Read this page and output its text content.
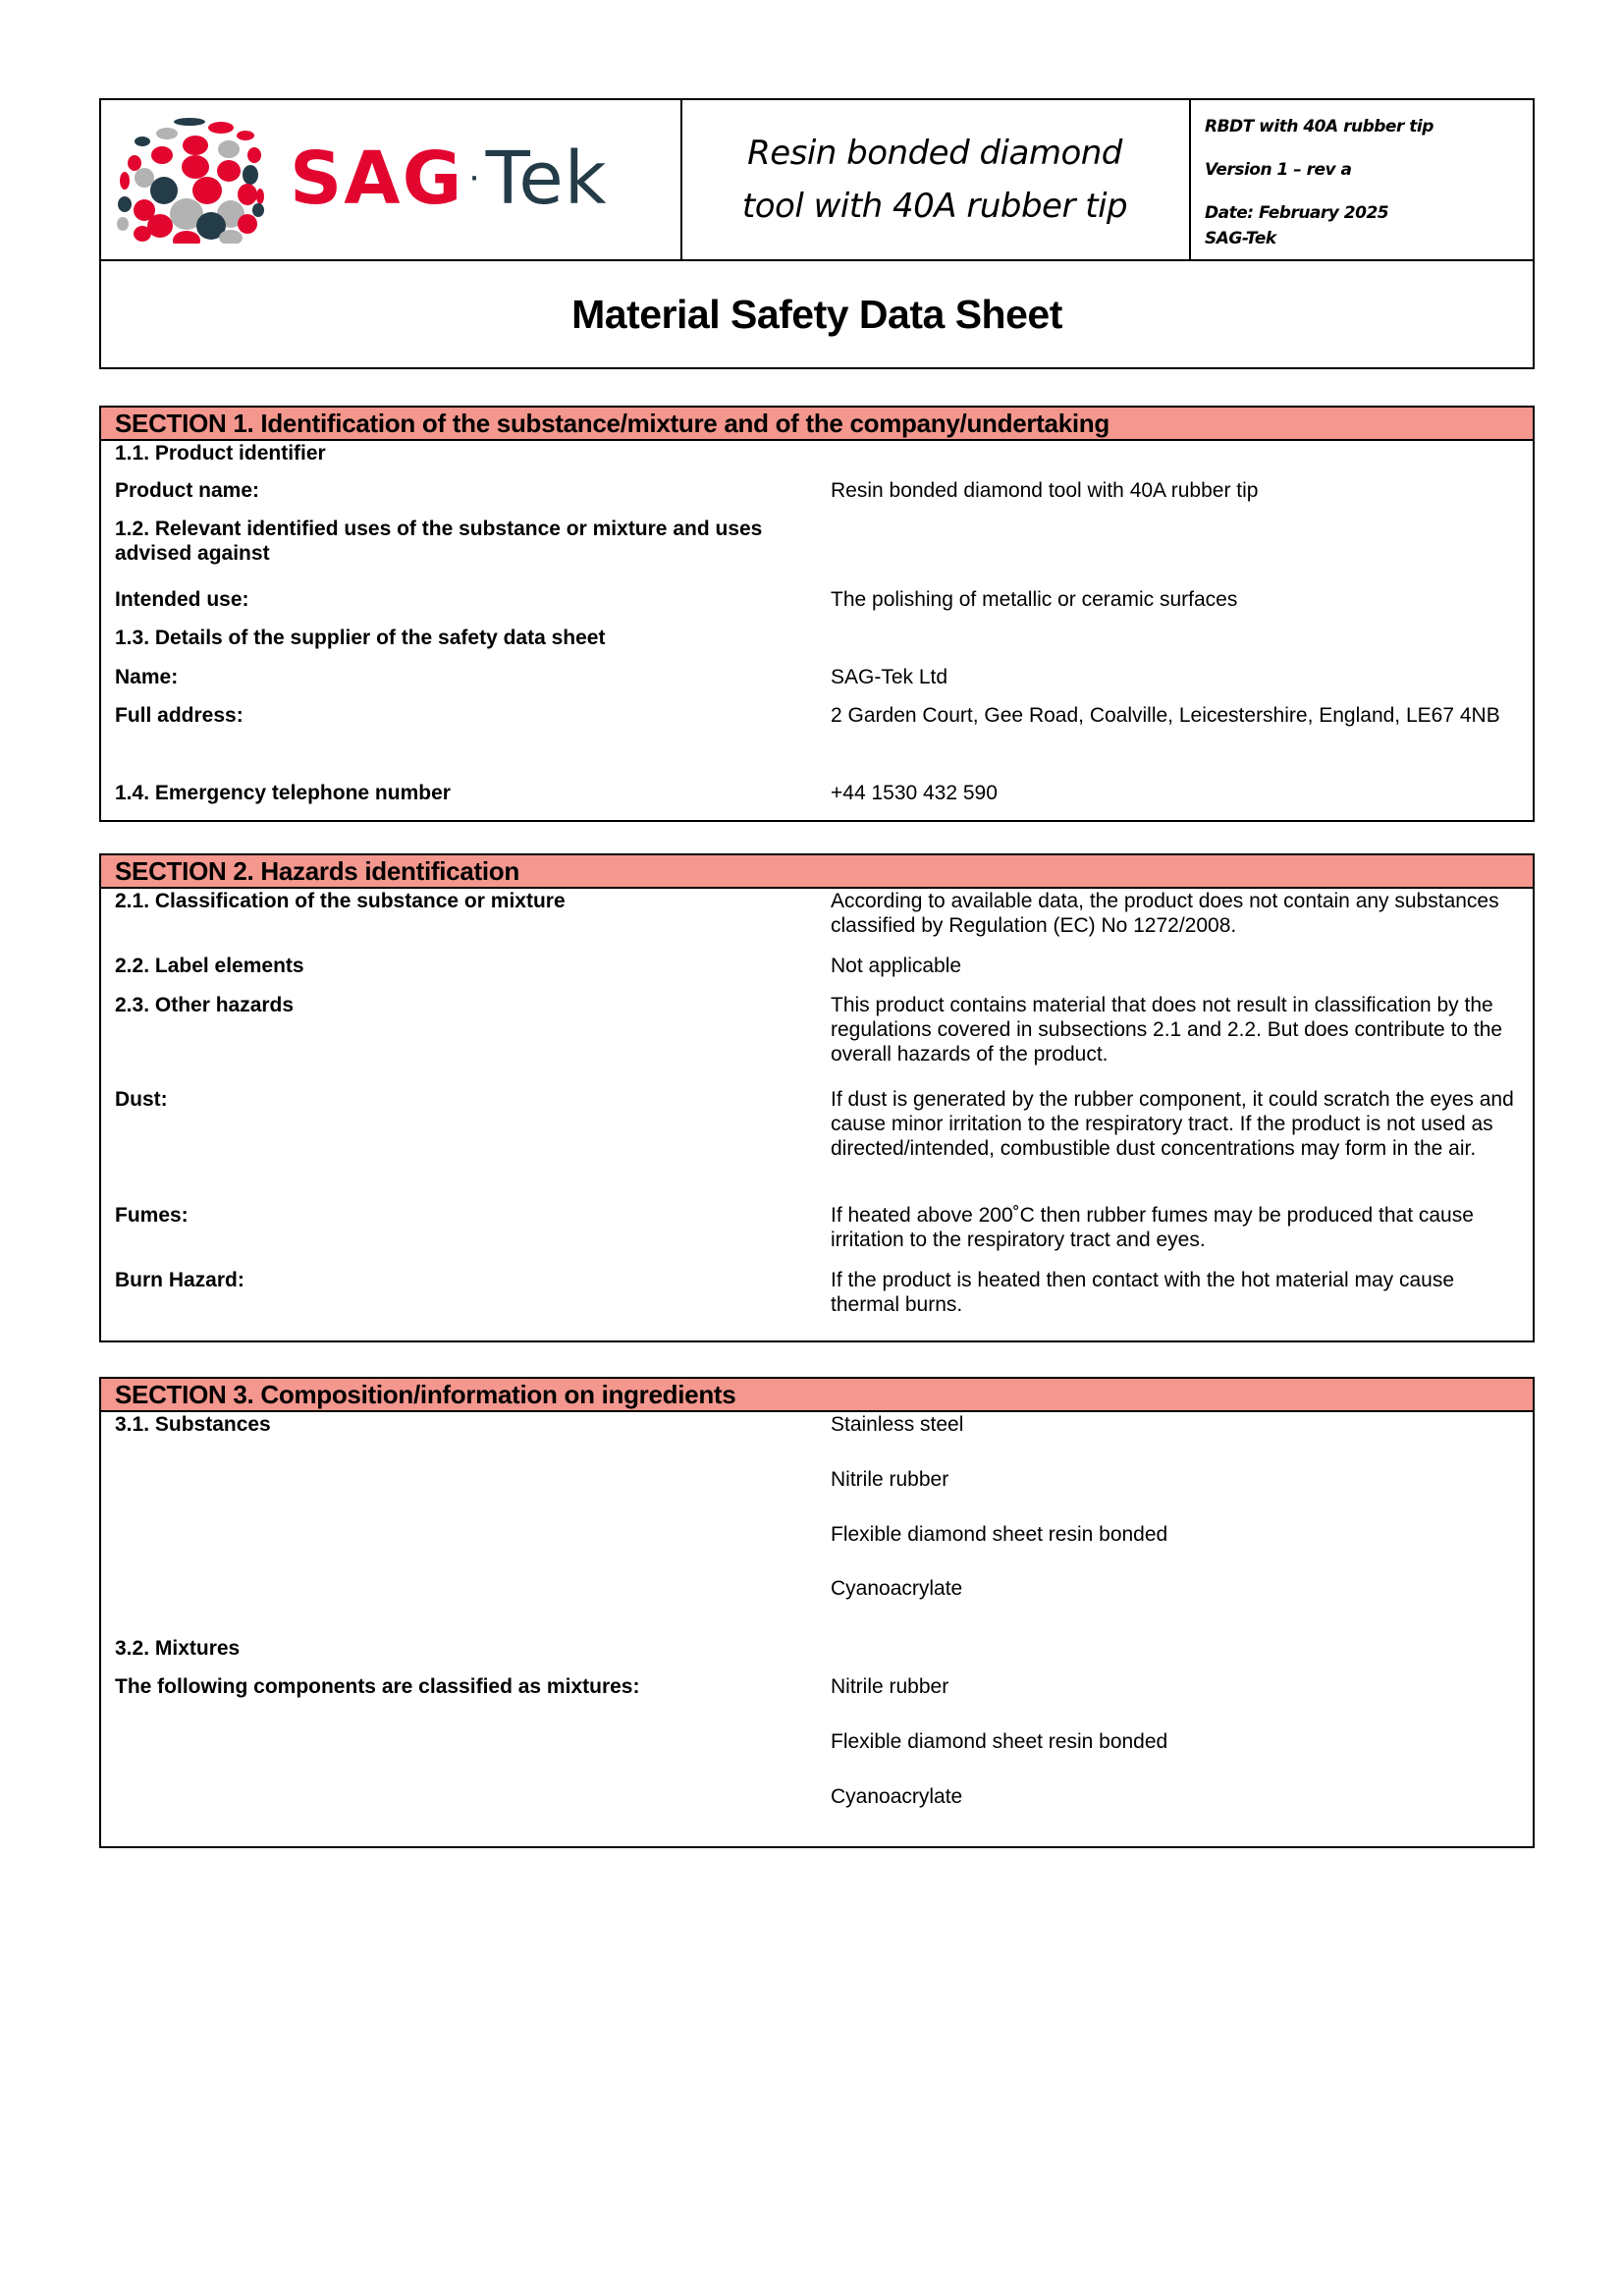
SAG ·Tek	Resin bonded diamond
tool with 40A rubber tip
RBDT with 40A rubber tip
Version 1 – rev a
Date: February 2025
SAG-Tek
Material Safety Data Sheet
SECTION 1. Identification of the substance/mixture and of the company/undertaking
1.1. Product identifier
Product name:	Resin bonded diamond tool with 40A rubber tip
1.2. Relevant identified uses of the substance or mixture and uses advised against
Intended use:	The polishing of metallic or ceramic surfaces
1.3. Details of the supplier of the safety data sheet
Name:	SAG-Tek Ltd
Full address:	2 Garden Court, Gee Road, Coalville, Leicestershire, England, LE67 4NB
1.4. Emergency telephone number	+44 1530 432 590
SECTION 2. Hazards identification
2.1. Classification of the substance or mixture	According to available data, the product does not contain any substances classified by Regulation (EC) No 1272/2008.
2.2. Label elements	Not applicable
2.3. Other hazards	This product contains material that does not result in classification by the regulations covered in subsections 2.1 and 2.2. But does contribute to the overall hazards of the product.
Dust:	If dust is generated by the rubber component, it could scratch the eyes and cause minor irritation to the respiratory tract. If the product is not used as directed/intended, combustible dust concentrations may form in the air.
Fumes:	If heated above 200˚C then rubber fumes may be produced that cause irritation to the respiratory tract and eyes.
Burn Hazard:	If the product is heated then contact with the hot material may cause thermal burns.
SECTION 3. Composition/information on ingredients
3.1. Substances	Stainless steel
Nitrile rubber
Flexible diamond sheet resin bonded
Cyanoacrylate
3.2. Mixtures
The following components are classified as mixtures:	Nitrile rubber
Flexible diamond sheet resin bonded
Cyanoacrylate
